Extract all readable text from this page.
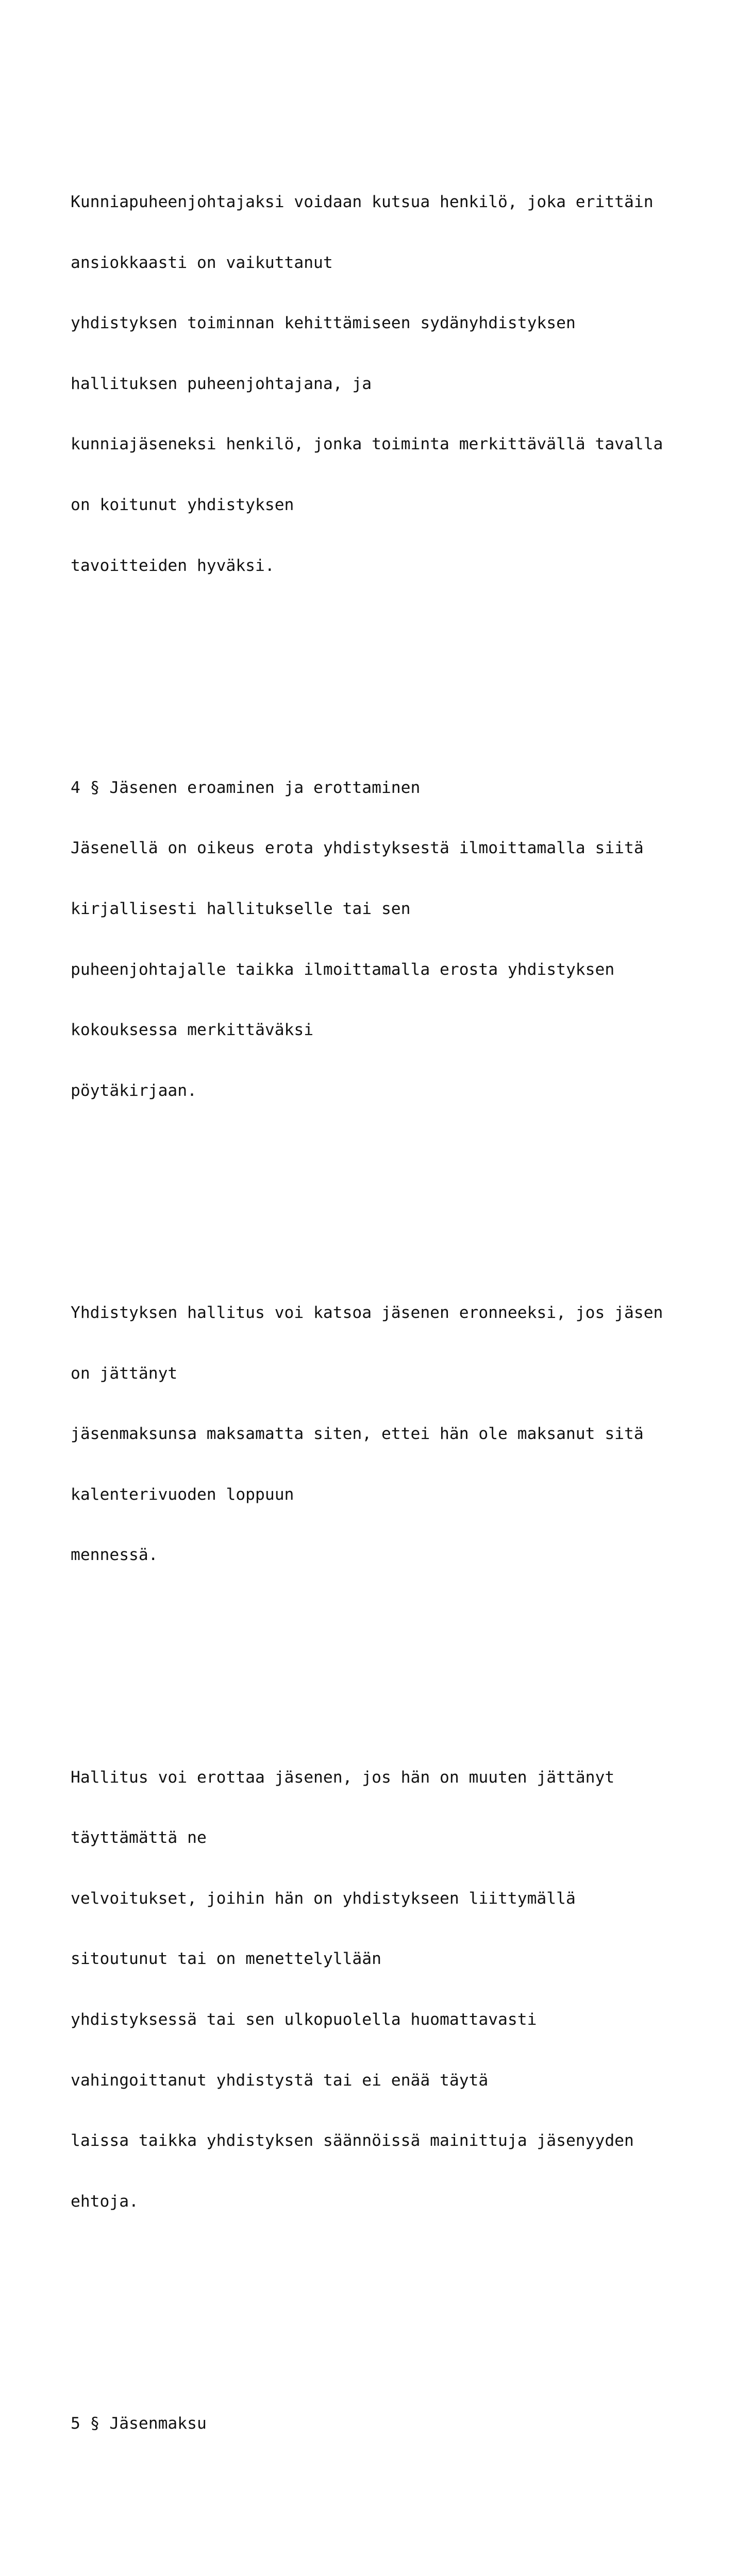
Kunniapuheenjohtajaksi voidaan kutsua henkilö, joka erittäin

ansiokkaasti on vaikuttanut

yhdistyksen toiminnan kehittämiseen sydänyhdistyksen

hallituksen puheenjohtajana, ja

kunniajäseneksi henkilö, jonka toiminta merkittävällä tavalla

on koitunut yhdistyksen

tavoitteiden hyväksi.

4 § Jäsenen eroaminen ja erottaminen

Jäsenellä on oikeus erota yhdistyksestä ilmoittamalla siitä

kirjallisesti hallitukselle tai sen

puheenjohtajalle taikka ilmoittamalla erosta yhdistyksen

kokouksessa merkittäväksi

pöytäkirjaan.

Yhdistyksen hallitus voi katsoa jäsenen eronneeksi, jos jäsen

on jättänyt

jäsenmaksunsa maksamatta siten, ettei hän ole maksanut sitä

kalenterivuoden loppuun

mennessä.

Hallitus voi erottaa jäsenen, jos hän on muuten jättänyt

täyttämättä ne

velvoitukset, joihin hän on yhdistykseen liittymällä

sitoutunut tai on menettelyllään

yhdistyksessä tai sen ulkopuolella huomattavasti

vahingoittanut yhdistystä tai ei enää täytä

laissa taikka yhdistyksen säännöissä mainittuja jäsenyyden

ehtoja.

5 § Jäsenmaksu
